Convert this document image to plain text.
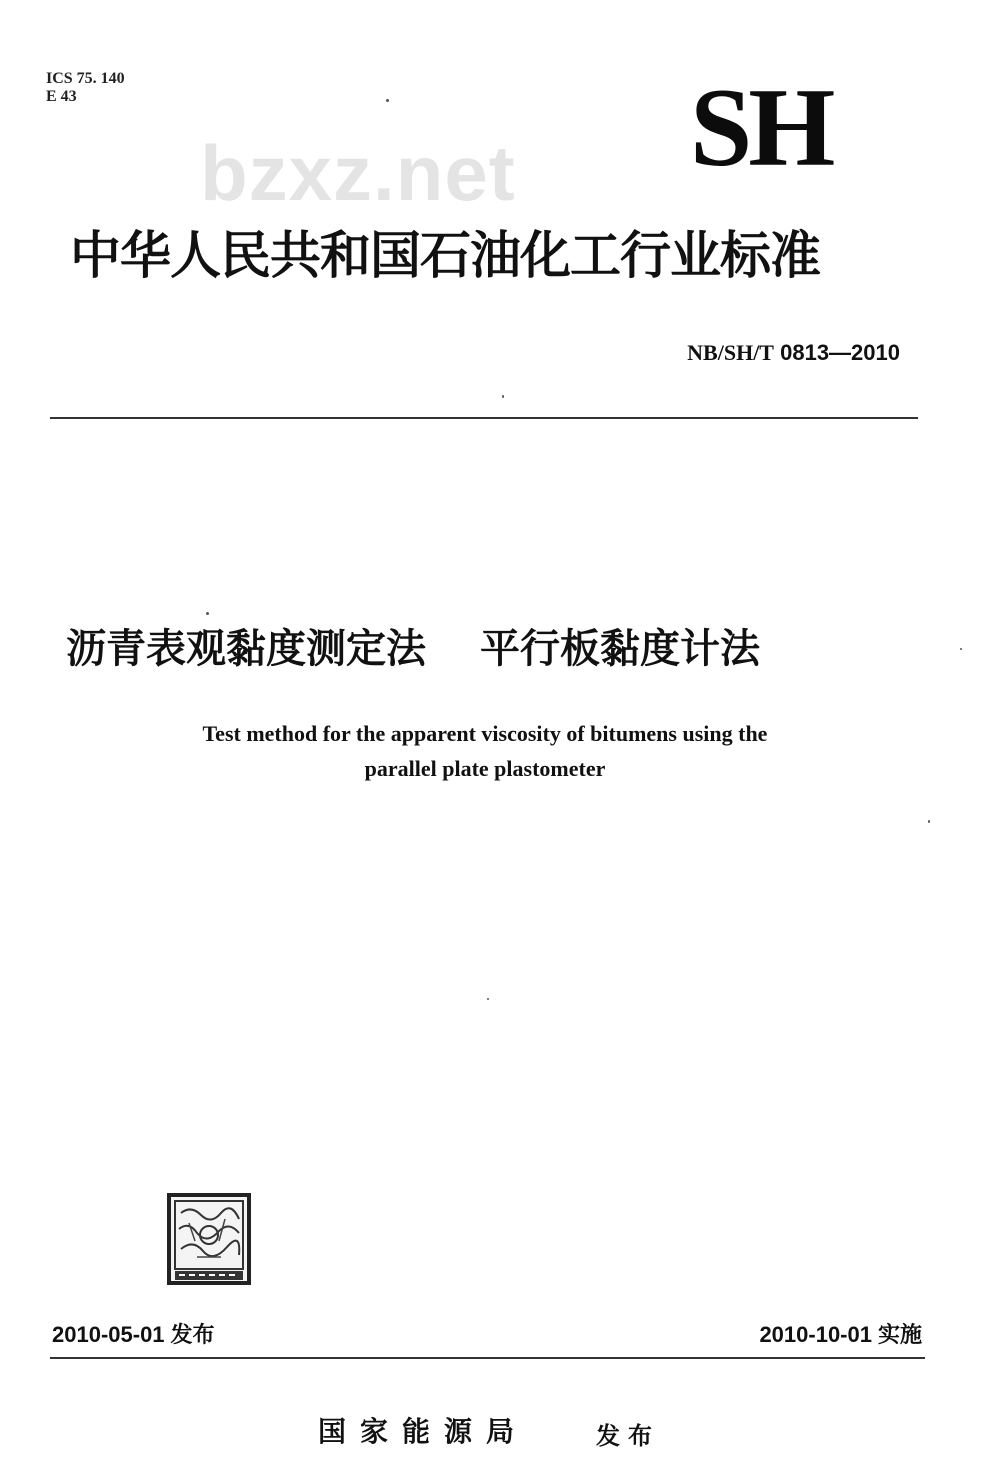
ICS 75. 140
E 43	SH
bzxz.net
中华人民共和国石油化工行业标准
NB/SH/T 0813—2010
沥青表观黏度测定法 平行板黏度计法
Test method for the apparent viscosity of bitumens using the
parallel plate plastometer
2010-05-01 发布	2010-10-01 实施
国家能源局	发布
